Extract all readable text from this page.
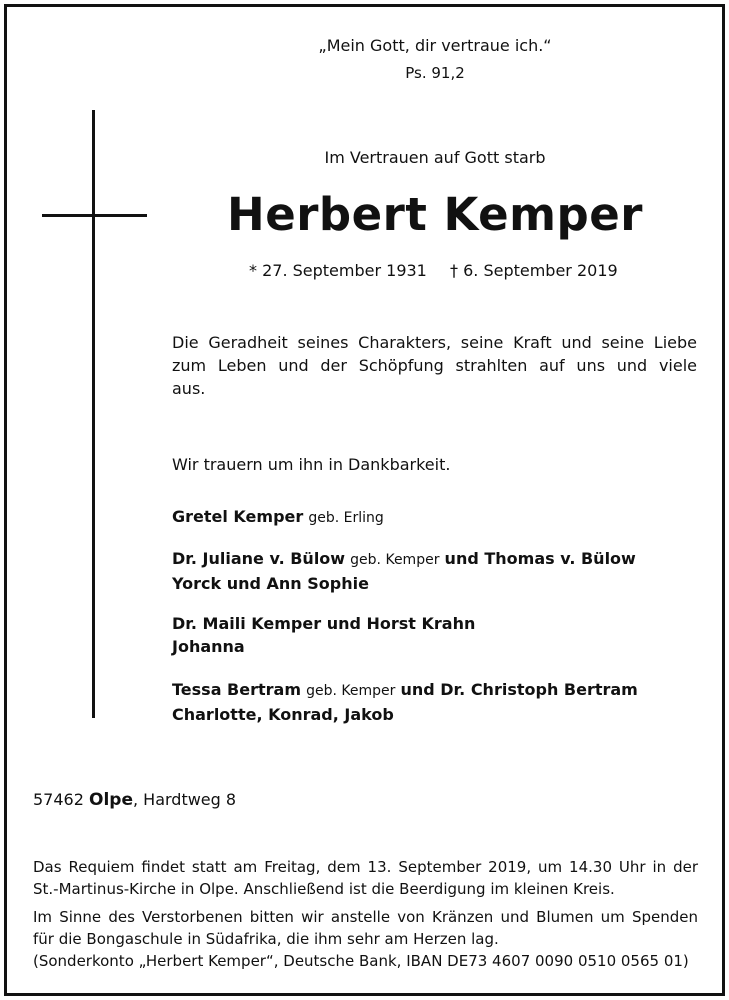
„Mein Gott, dir vertraue ich.“
Ps. 91,2
Im Vertrauen auf Gott starb
Herbert Kemper
* 27. September 1931 † 6. September 2019
Die Geradheit seines Charakters, seine Kraft und seine Liebe
zum Leben und der Schöpfung strahlten auf uns und viele
aus.
Wir trauern um ihn in Dankbarkeit.
Gretel Kemper geb. Erling
Dr. Juliane v. Bülow geb. Kemper und Thomas v. Bülow
Yorck und Ann Sophie
Dr. Maili Kemper und Horst Krahn
Johanna
Tessa Bertram geb. Kemper und Dr. Christoph Bertram
Charlotte, Konrad, Jakob
57462 Olpe, Hardtweg 8
Das Requiem findet statt am Freitag, dem 13. September 2019, um 14.30 Uhr in der
St.-Martinus-Kirche in Olpe. Anschließend ist die Beerdigung im kleinen Kreis.
Im Sinne des Verstorbenen bitten wir anstelle von Kränzen und Blumen um Spenden
für die Bongaschule in Südafrika, die ihm sehr am Herzen lag.
(Sonderkonto „Herbert Kemper“, Deutsche Bank, IBAN DE73 4607 0090 0510 0565 01)
